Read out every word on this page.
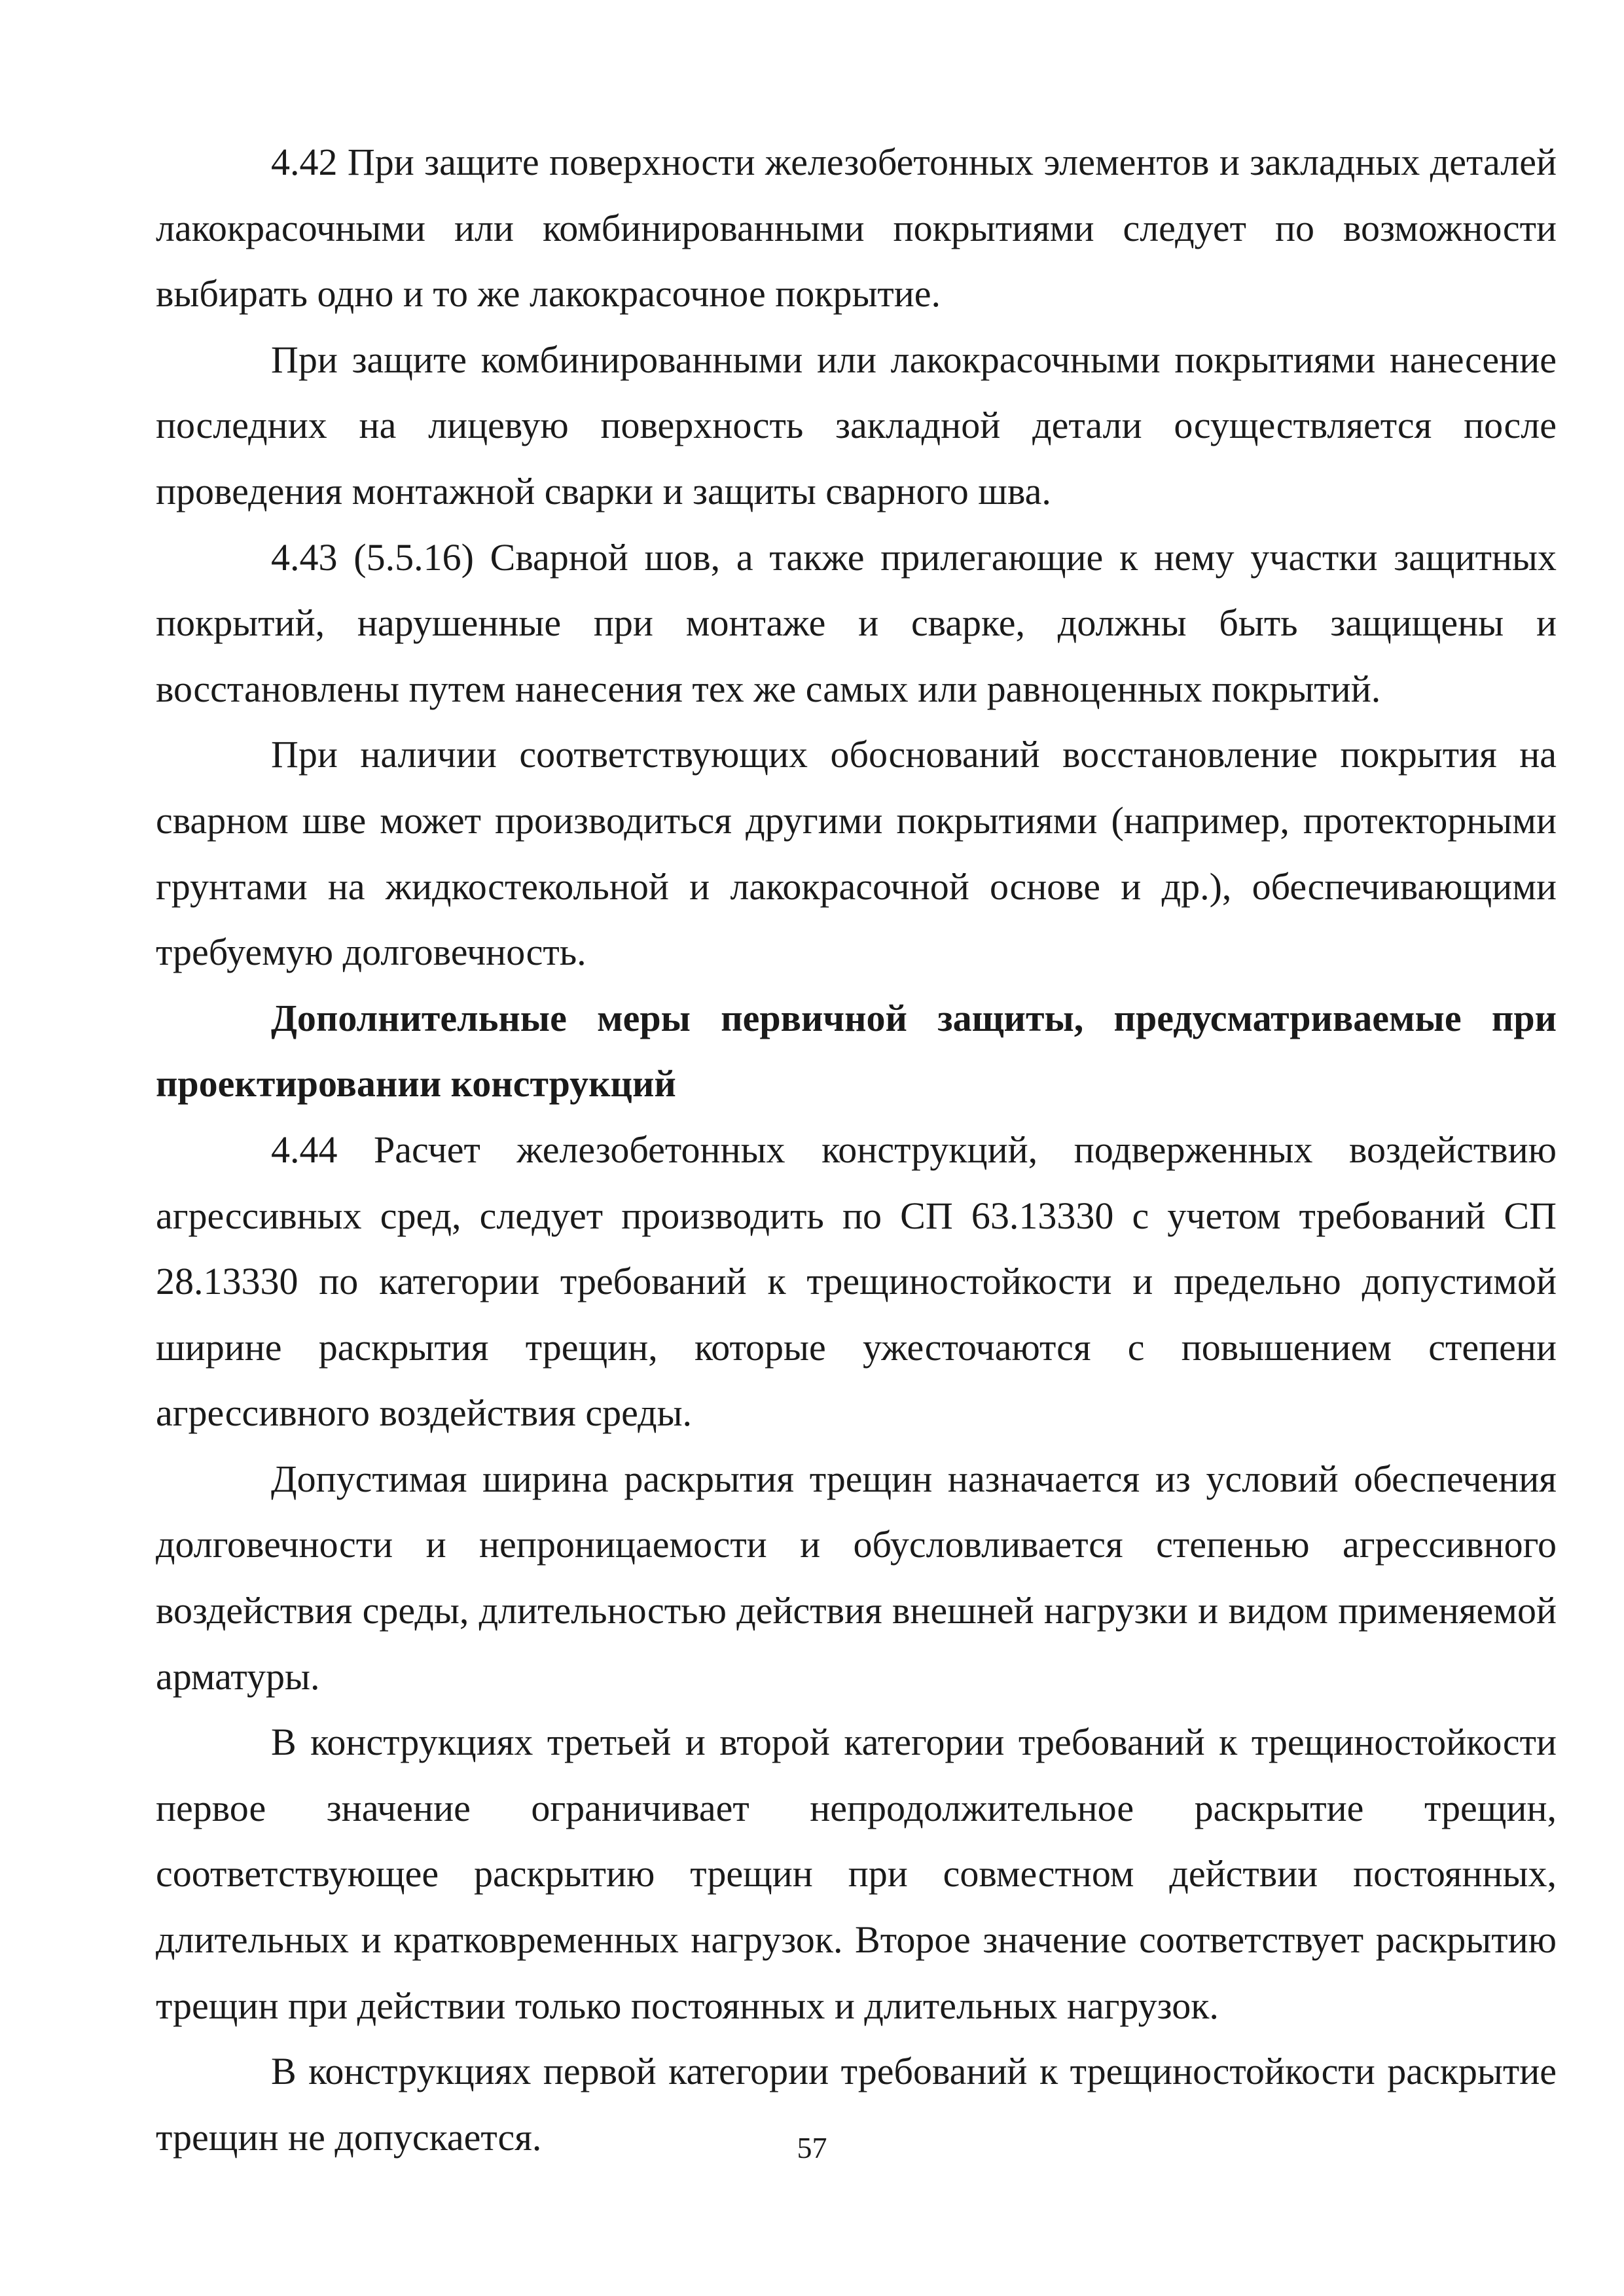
4.42 При защите поверхности железобетонных элементов и закладных деталей лакокрасочными или комбинированными покрытиями следует по возможности выбирать одно и то же лакокрасочное покрытие.

При защите комбинированными или лакокрасочными покрытиями нанесение последних на лицевую поверхность закладной детали осуществляется после проведения монтажной сварки и защиты сварного шва.

4.43 (5.5.16) Сварной шов, а также прилегающие к нему участки защитных покрытий, нарушенные при монтаже и сварке, должны быть защищены и восстановлены путем нанесения тех же самых или равноценных покрытий.

При наличии соответствующих обоснований восстановление покрытия на сварном шве может производиться другими покрытиями (например, протекторными грунтами на жидкостекольной и лакокрасочной основе и др.), обеспечивающими требуемую долговечность.

Дополнительные меры первичной защиты, предусматриваемые при проектировании конструкций

4.44 Расчет железобетонных конструкций, подверженных воздействию агрессивных сред, следует производить по СП 63.13330 с учетом требований СП 28.13330 по категории требований к трещиностойкости и предельно допустимой ширине раскрытия трещин, которые ужесточаются с повышением степени агрессивного воздействия среды.

Допустимая ширина раскрытия трещин назначается из условий обеспечения долговечности и непроницаемости и обусловливается степенью агрессивного воздействия среды, длительностью действия внешней нагрузки и видом применяемой арматуры.

В конструкциях третьей и второй категории требований к трещиностойкости первое значение ограничивает непродолжительное раскрытие трещин, соответствующее раскрытию трещин при совместном действии постоянных, длительных и кратковременных нагрузок. Второе значение соответствует раскрытию трещин при действии только постоянных и длительных нагрузок.

В конструкциях первой категории требований к трещиностойкости раскрытие трещин не допускается.	57
